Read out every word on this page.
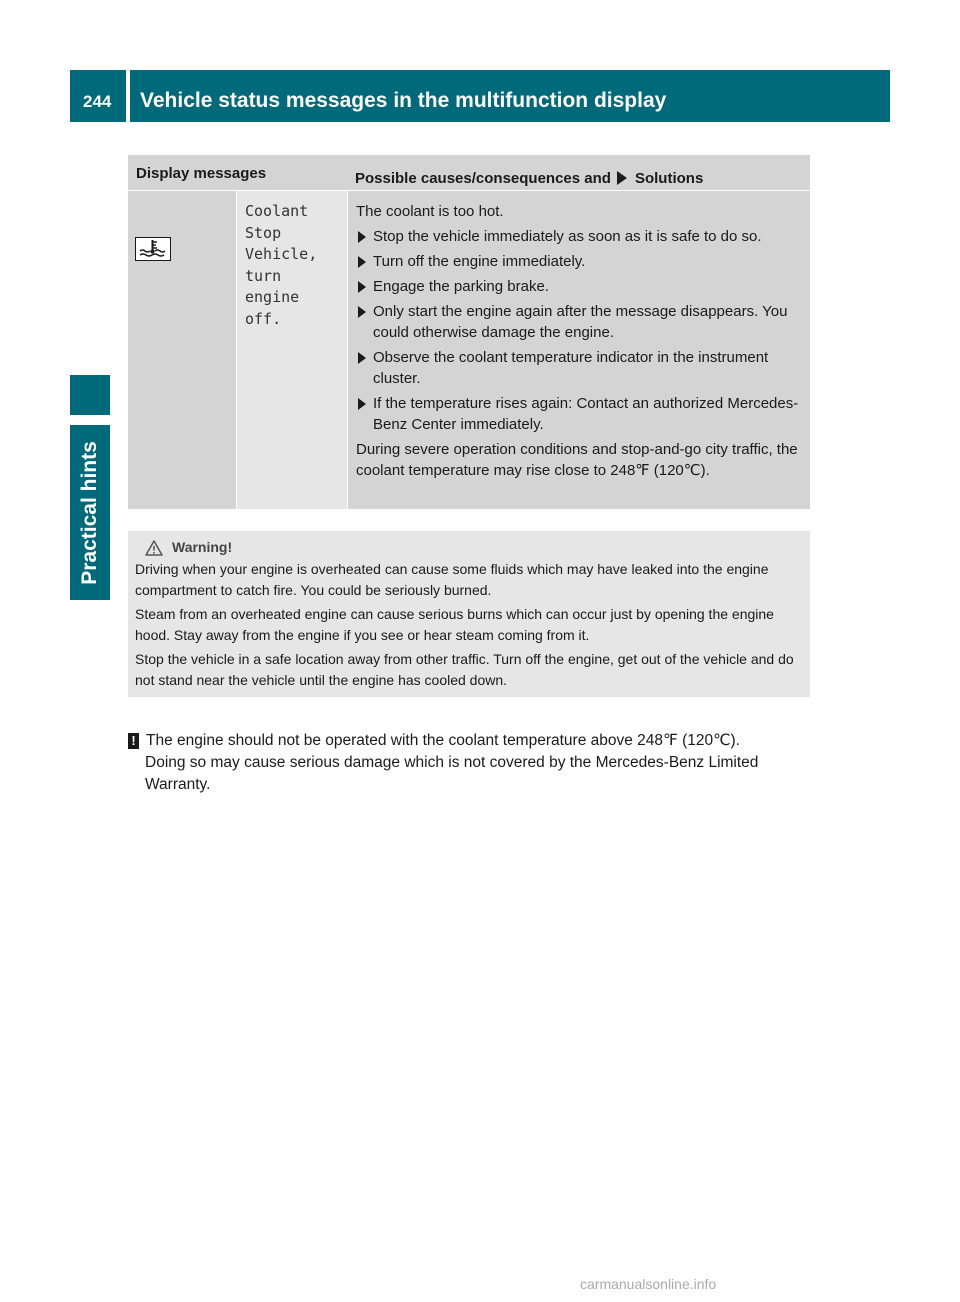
244	Vehicle status messages in the multifunction display
Practical hints
Display messages	Possible causes/consequences and Solutions

Coolant

Stop

Vehicle,

turn

engine

off.

The coolant is too hot.

Stop the vehicle immediately as soon as it is safe to do so.
Turn off the engine immediately.
Engage the parking brake.
Only start the engine again after the message disappears. You could otherwise damage the engine.
Observe the coolant temperature indicator in the instrument cluster.
If the temperature rises again: Contact an authorized Mercedes-Benz Center immediately.

During severe operation conditions and stop-and-go city traffic, the coolant temperature may rise close to 248℉ (120℃).

Warning!

Driving when your engine is overheated can cause some fluids which may have leaked into the engine compartment to catch fire. You could be seriously burned.

Steam from an overheated engine can cause serious burns which can occur just by opening the engine hood. Stay away from the engine if you see or hear steam coming from it.

Stop the vehicle in a safe location away from other traffic. Turn off the engine, get out of the vehicle and do not stand near the vehicle until the engine has cooled down.

! The engine should not be operated with the coolant temperature above 248℉ (120℃).
Doing so may cause serious damage which is not covered by the Mercedes-Benz Limited Warranty.
carmanualsonline.info
